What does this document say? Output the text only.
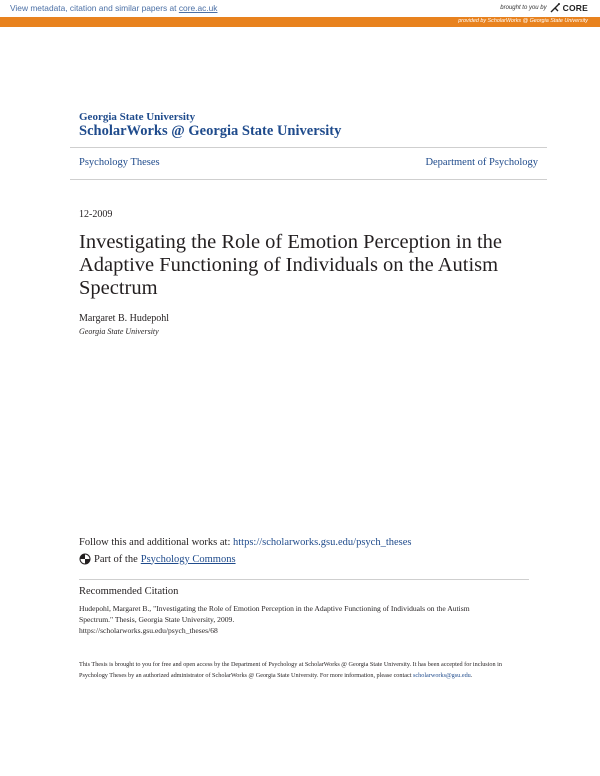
View metadata, citation and similar papers at core.ac.uk	brought to you by CORE
provided by ScholarWorks @ Georgia State University
Georgia State University
ScholarWorks @ Georgia State University
Psychology Theses	Department of Psychology
12-2009
Investigating the Role of Emotion Perception in the Adaptive Functioning of Individuals on the Autism Spectrum
Margaret B. Hudepohl
Georgia State University
Follow this and additional works at: https://scholarworks.gsu.edu/psych_theses
Part of the Psychology Commons
Recommended Citation
Hudepohl, Margaret B., "Investigating the Role of Emotion Perception in the Adaptive Functioning of Individuals on the Autism
Spectrum." Thesis, Georgia State University, 2009.
https://scholarworks.gsu.edu/psych_theses/68
This Thesis is brought to you for free and open access by the Department of Psychology at ScholarWorks @ Georgia State University. It has been accepted for inclusion in Psychology Theses by an authorized administrator of ScholarWorks @ Georgia State University. For more information, please contact scholarworks@gsu.edu.
